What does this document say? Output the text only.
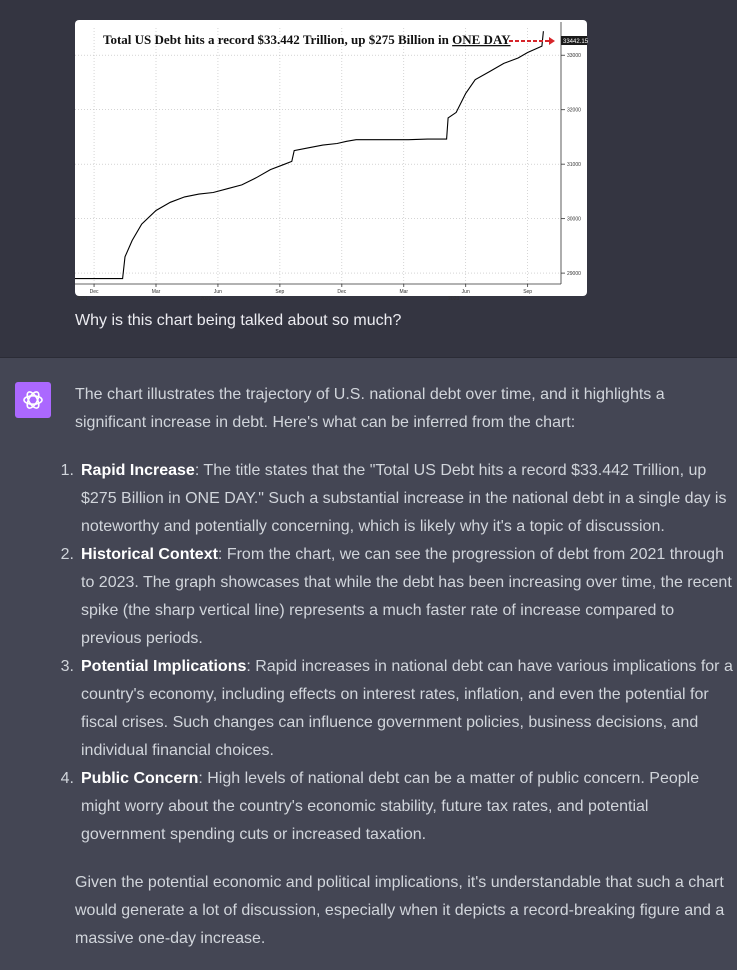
33000
32000
31000
30000
29000
Dec
2021
Mar	Jun
2022
Sep	Dec	Mar	Jun
2023
Sep
Total US Debt hits a record $33.442 Trillion, up $275 Billion in ONE DAY	33442.15
Why is this chart being talked about so much?

The chart illustrates the trajectory of U.S. national debt over time, and it highlights a significant increase in debt. Here's what can be inferred from the chart:

1. Rapid Increase: The title states that the "Total US Debt hits a record $33.442 Trillion, up $275 Billion in ONE DAY." Such a substantial increase in the national debt in a single day is noteworthy and potentially concerning, which is likely why it's a topic of discussion.
2. Historical Context: From the chart, we can see the progression of debt from 2021 through to 2023. The graph showcases that while the debt has been increasing over time, the recent spike (the sharp vertical line) represents a much faster rate of increase compared to previous periods.
3. Potential Implications: Rapid increases in national debt can have various implications for a country's economy, including effects on interest rates, inflation, and even the potential for fiscal crises. Such changes can influence government policies, business decisions, and individual financial choices.
4. Public Concern: High levels of national debt can be a matter of public concern. People might worry about the country's economic stability, future tax rates, and potential government spending cuts or increased taxation.

Given the potential economic and political implications, it's understandable that such a chart would generate a lot of discussion, especially when it depicts a record-breaking figure and a massive one-day increase.
